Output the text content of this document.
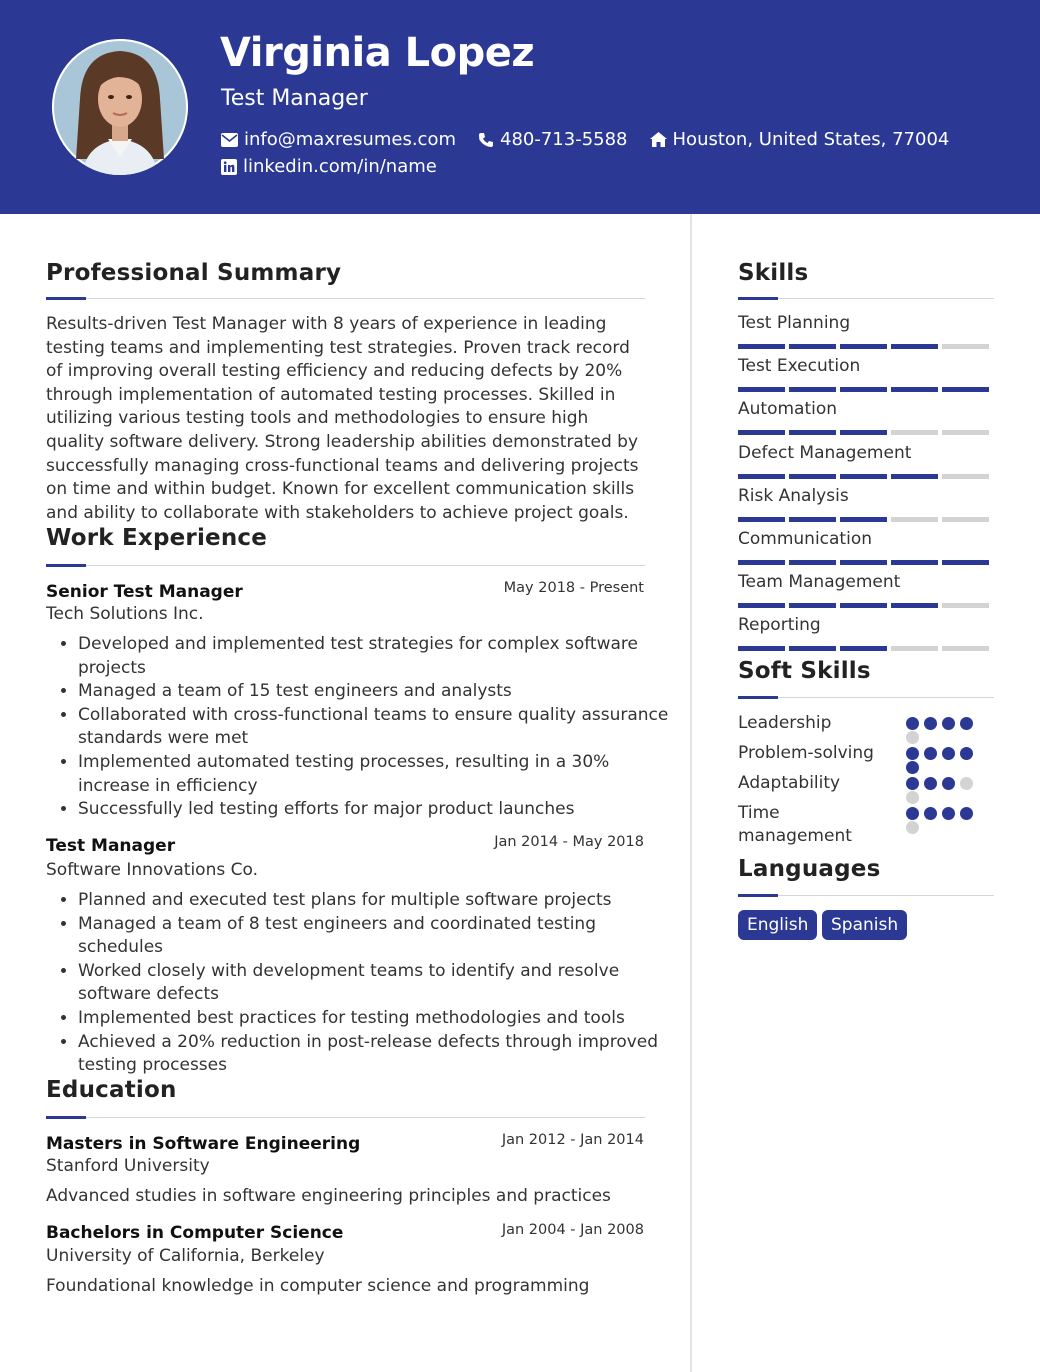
Virginia Lopez
Test Manager
info@maxresumes.com 480-713-5588	Houston, United States, 77004
linkedin.com/in/name
Professional Summary
Results-driven Test Manager with 8 years of experience in leading testing teams and implementing test strategies. Proven track record of improving overall testing efficiency and reducing defects by 20% through implementation of automated testing processes. Skilled in utilizing various testing tools and methodologies to ensure high quality software delivery. Strong leadership abilities demonstrated by successfully managing cross-functional teams and delivering projects on time and within budget. Known for excellent communication skills and ability to collaborate with stakeholders to achieve project goals.
Work Experience
Senior Test Manager	May 2018 - Present
Tech Solutions Inc.
• Developed and implemented test strategies for complex software projects
• Managed a team of 15 test engineers and analysts
• Collaborated with cross-functional teams to ensure quality assurance standards were met
• Implemented automated testing processes, resulting in a 30% increase in efficiency
• Successfully led testing efforts for major product launches
Test Manager	Jan 2014 - May 2018
Software Innovations Co.
• Planned and executed test plans for multiple software projects
• Managed a team of 8 test engineers and coordinated testing schedules
• Worked closely with development teams to identify and resolve software defects
• Implemented best practices for testing methodologies and tools
• Achieved a 20% reduction in post-release defects through improved testing processes
Education
Masters in Software Engineering	Jan 2012 - Jan 2014
Stanford University
Advanced studies in software engineering principles and practices
Bachelors in Computer Science	Jan 2004 - Jan 2008
University of California, Berkeley
Foundational knowledge in computer science and programming
Skills
Test Planning
Test Execution
Automation
Defect Management
Risk Analysis
Communication
Team Management
Reporting
Soft Skills
Leadership
Problem-solving
Adaptability
Time management
Languages
English	Spanish
